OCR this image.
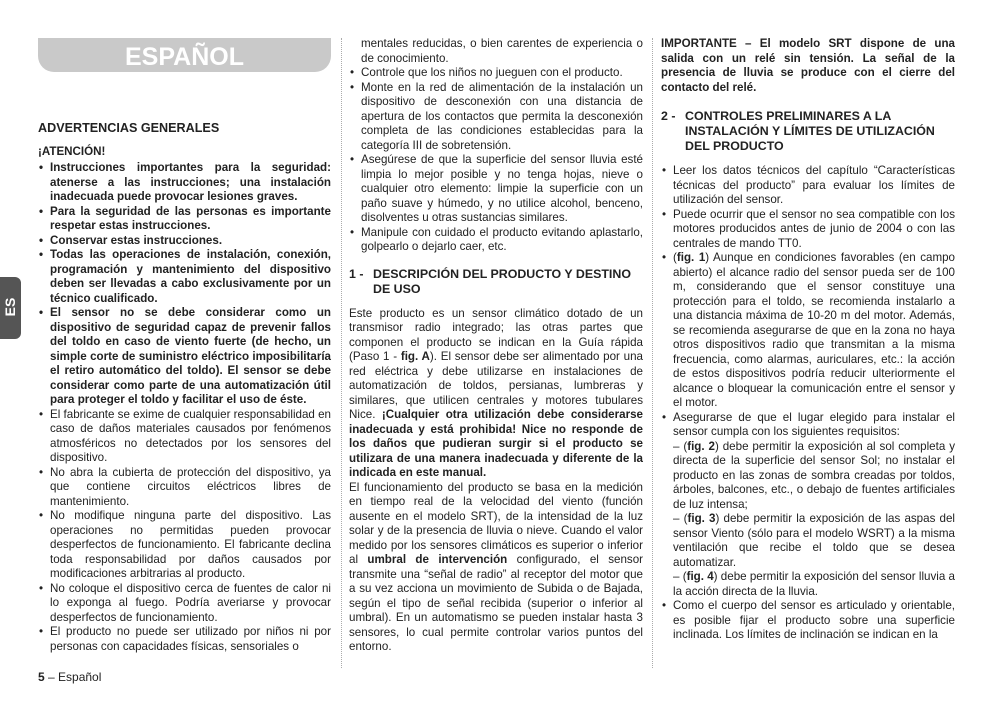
ESPAÑOL
ES
ADVERTENCIAS GENERALES
¡ATENCIÓN!
• Instrucciones importantes para la seguridad: atenerse a las instrucciones; una instalación inadecuada puede provocar lesiones graves.
• Para la seguridad de las personas es importante respetar estas instrucciones.
• Conservar estas instrucciones.
• Todas las operaciones de instalación, conexión, programación y mantenimiento del dispositivo deben ser llevadas a cabo exclusivamente por un técnico cualificado.
• El sensor no se debe considerar como un dispositivo de seguridad capaz de prevenir fallos del toldo en caso de viento fuerte (de hecho, un simple corte de suministro eléctrico imposibilitaría el retiro automático del toldo). El sensor se debe considerar como parte de una automatización útil para proteger el toldo y facilitar el uso de éste.
• El fabricante se exime de cualquier responsabilidad en caso de daños materiales causados por fenómenos atmosféricos no detectados por los sensores del dispositivo.
• No abra la cubierta de protección del dispositivo, ya que contiene circuitos eléctricos libres de mantenimiento.
• No modifique ninguna parte del dispositivo. Las operaciones no permitidas pueden provocar desperfectos de funcionamiento. El fabricante declina toda responsabilidad por daños causados por modificaciones arbitrarias al producto.
• No coloque el dispositivo cerca de fuentes de calor ni lo exponga al fuego. Podría averiarse y provocar desperfectos de funcionamiento.
• El producto no puede ser utilizado por niños ni por personas con capacidades físicas, sensoriales o

mentales reducidas, o bien carentes de experiencia o de conocimiento.

• Controle que los niños no jueguen con el producto.
• Monte en la red de alimentación de la instalación un dispositivo de desconexión con una distancia de apertura de los contactos que permita la desconexión completa de las condiciones establecidas para la categoría III de sobretensión.
• Asegúrese de que la superficie del sensor lluvia esté limpia lo mejor posible y no tenga hojas, nieve o cualquier otro elemento: limpie la superficie con un paño suave y húmedo, y no utilice alcohol, benceno, disolventes u otras sustancias similares.
• Manipule con cuidado el producto evitando aplastarlo, golpearlo o dejarlo caer, etc.
1 - DESCRIPCIÓN DEL PRODUCTO Y DESTINO DE USO

Este producto es un sensor climático dotado de un transmisor radio integrado; las otras partes que componen el producto se indican en la Guía rápida (Paso 1 - fig. A). El sensor debe ser alimentado por una red eléctrica y debe utilizarse en instalaciones de automatización de toldos, persianas, lumbreras y similares, que utilicen centrales y motores tubulares Nice. ¡Cualquier otra utilización debe considerarse inadecuada y está prohibida! Nice no responde de los daños que pudieran surgir si el producto se utilizara de una manera inadecuada y diferente de la indicada en este manual.

El funcionamiento del producto se basa en la medición en tiempo real de la velocidad del viento (función ausente en el modelo SRT), de la intensidad de la luz solar y de la presencia de lluvia o nieve. Cuando el valor medido por los sensores climáticos es superior o inferior al umbral de intervención configurado, el sensor transmite una “señal de radio” al receptor del motor que a su vez acciona un movimiento de Subida o de Bajada, según el tipo de señal recibida (superior o inferior al umbral). En un automatismo se pueden instalar hasta 3 sensores, lo cual permite controlar varios puntos del entorno.

IMPORTANTE – El modelo SRT dispone de una salida con un relé sin tensión. La señal de la presencia de lluvia se produce con el cierre del contacto del relé.

2 - CONTROLES PRELIMINARES A LA INSTALACIÓN Y LÍMITES DE UTILIZACIÓN DEL PRODUCTO
• Leer los datos técnicos del capítulo “Características técnicas del producto” para evaluar los límites de utilización del sensor.
• Puede ocurrir que el sensor no sea compatible con los motores producidos antes de junio de 2004 o con las centrales de mando TT0.
• (fig. 1) Aunque en condiciones favorables (en campo abierto) el alcance radio del sensor pueda ser de 100 m, considerando que el sensor constituye una protección para el toldo, se recomienda instalarlo a una distancia máxima de 10-20 m del motor. Además, se recomienda asegurarse de que en la zona no haya otros dispositivos radio que transmitan a la misma frecuencia, como alarmas, auriculares, etc.: la acción de estos dispositivos podría reducir ulteriormente el alcance o bloquear la comunicación entre el sensor y el motor.
• Asegurarse de que el lugar elegido para instalar el sensor cumpla con los siguientes requisitos:
– (fig. 2) debe permitir la exposición al sol completa y directa de la superficie del sensor Sol; no instalar el producto en las zonas de sombra creadas por toldos, árboles, balcones, etc., o debajo de fuentes artificiales de luz intensa;
– (fig. 3) debe permitir la exposición de las aspas del sensor Viento (sólo para el modelo WSRT) a la misma ventilación que recibe el toldo que se desea automatizar.
– (fig. 4) debe permitir la exposición del sensor lluvia a la acción directa de la lluvia.
• Como el cuerpo del sensor es articulado y orientable, es posible fijar el producto sobre una superficie inclinada. Los límites de inclinación se indican en la
5 – Español
